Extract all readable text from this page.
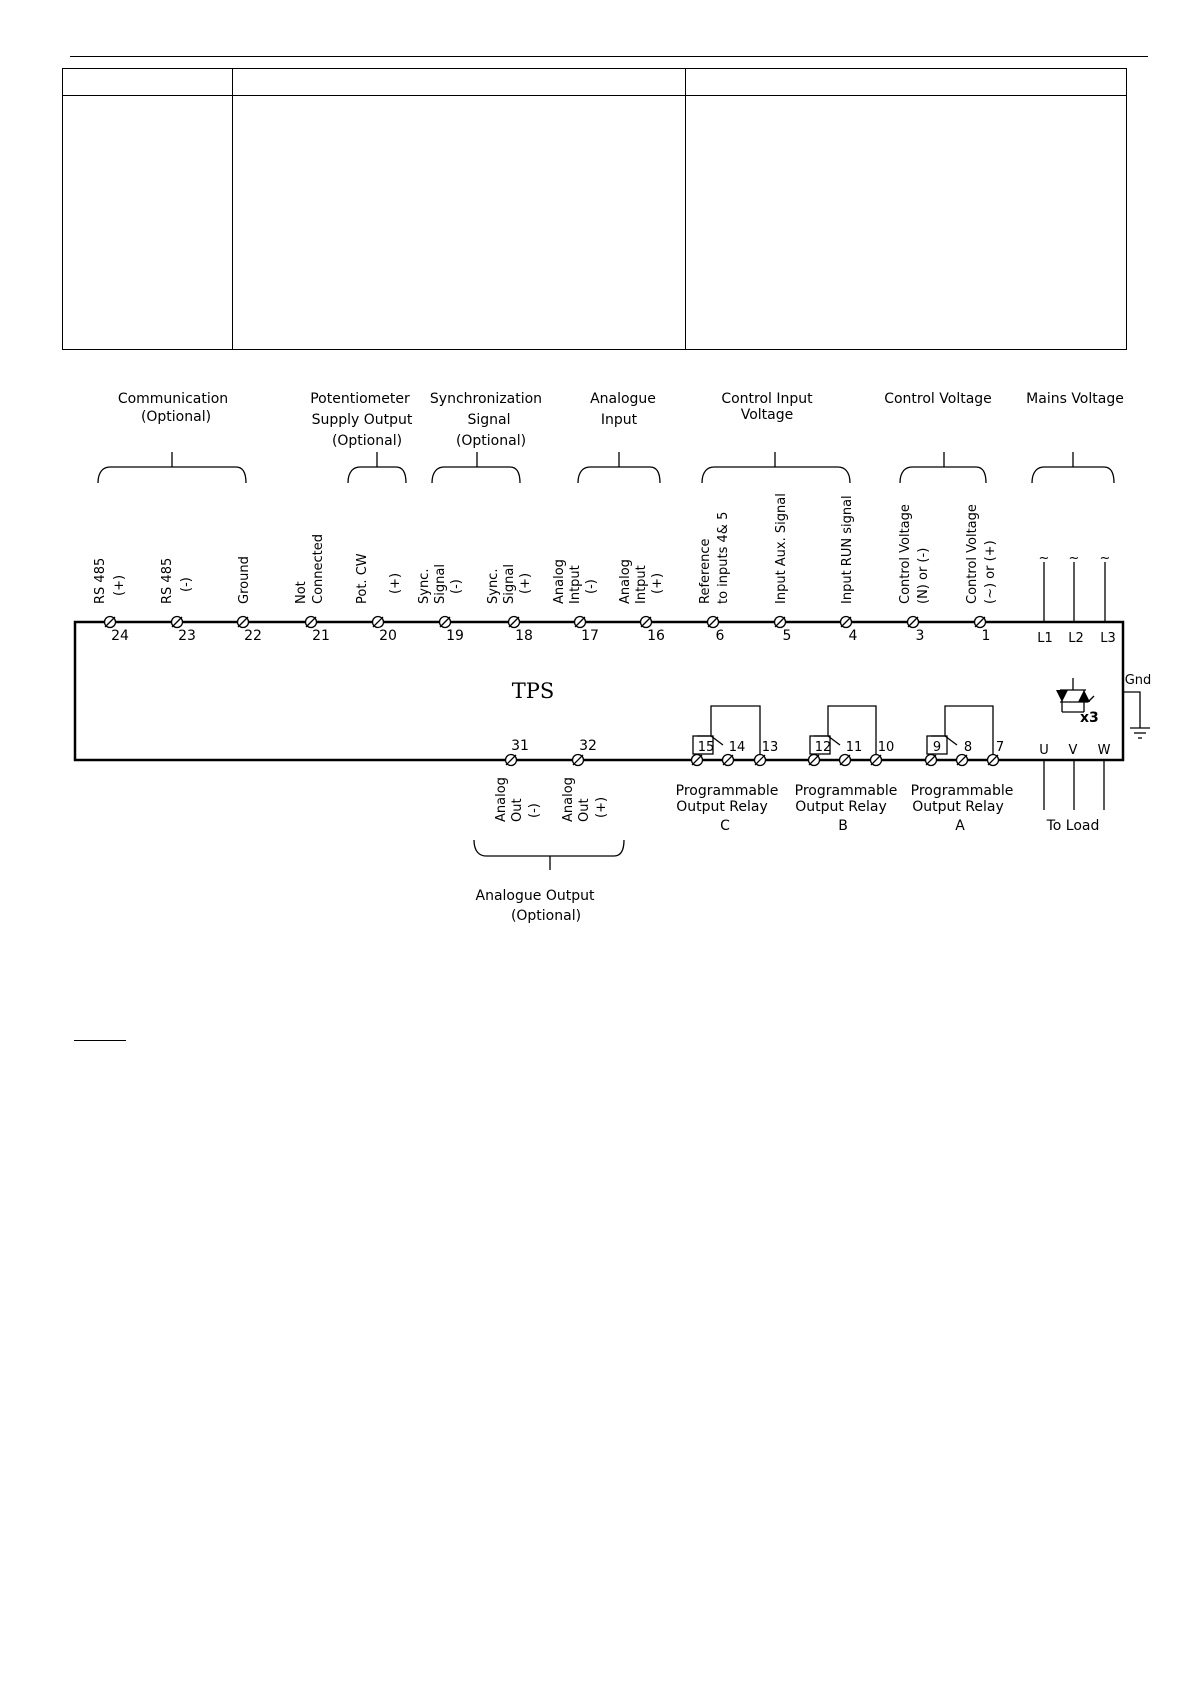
TPS
Communication
(Optional)
Potentiometer
Supply Output
(Optional)
Synchronization
Signal
(Optional)
Analogue
Input
Control Input
Voltage
Control Voltage Mains Voltage
24
RS 485 (+)
23
RS 485 (-)
22
Ground
21
Not Connected
20
Pot. CW (+)
19
Sync. Signal (-)
18
Sync. Signal (+)
17
Analog Intput (-)
16
Analog Intput (+)
6
Reference to inputs 4& 5
5
Input Aux. Signal
4
Input RUN signal
3
Control Voltage (N) or (-)
1
Control Voltage (~) or (+)	~ ~ ~
L1 L2 L3
x3
Gnd
U V W
To Load
31
Analog Out (-)
32
Analog Out (+)
Analogue Output
(Optional)
15 14 13
Programmable
Output Relay
C
12 11 10
Programmable
Output Relay
B
9 8 7
Programmable
Output Relay
A
